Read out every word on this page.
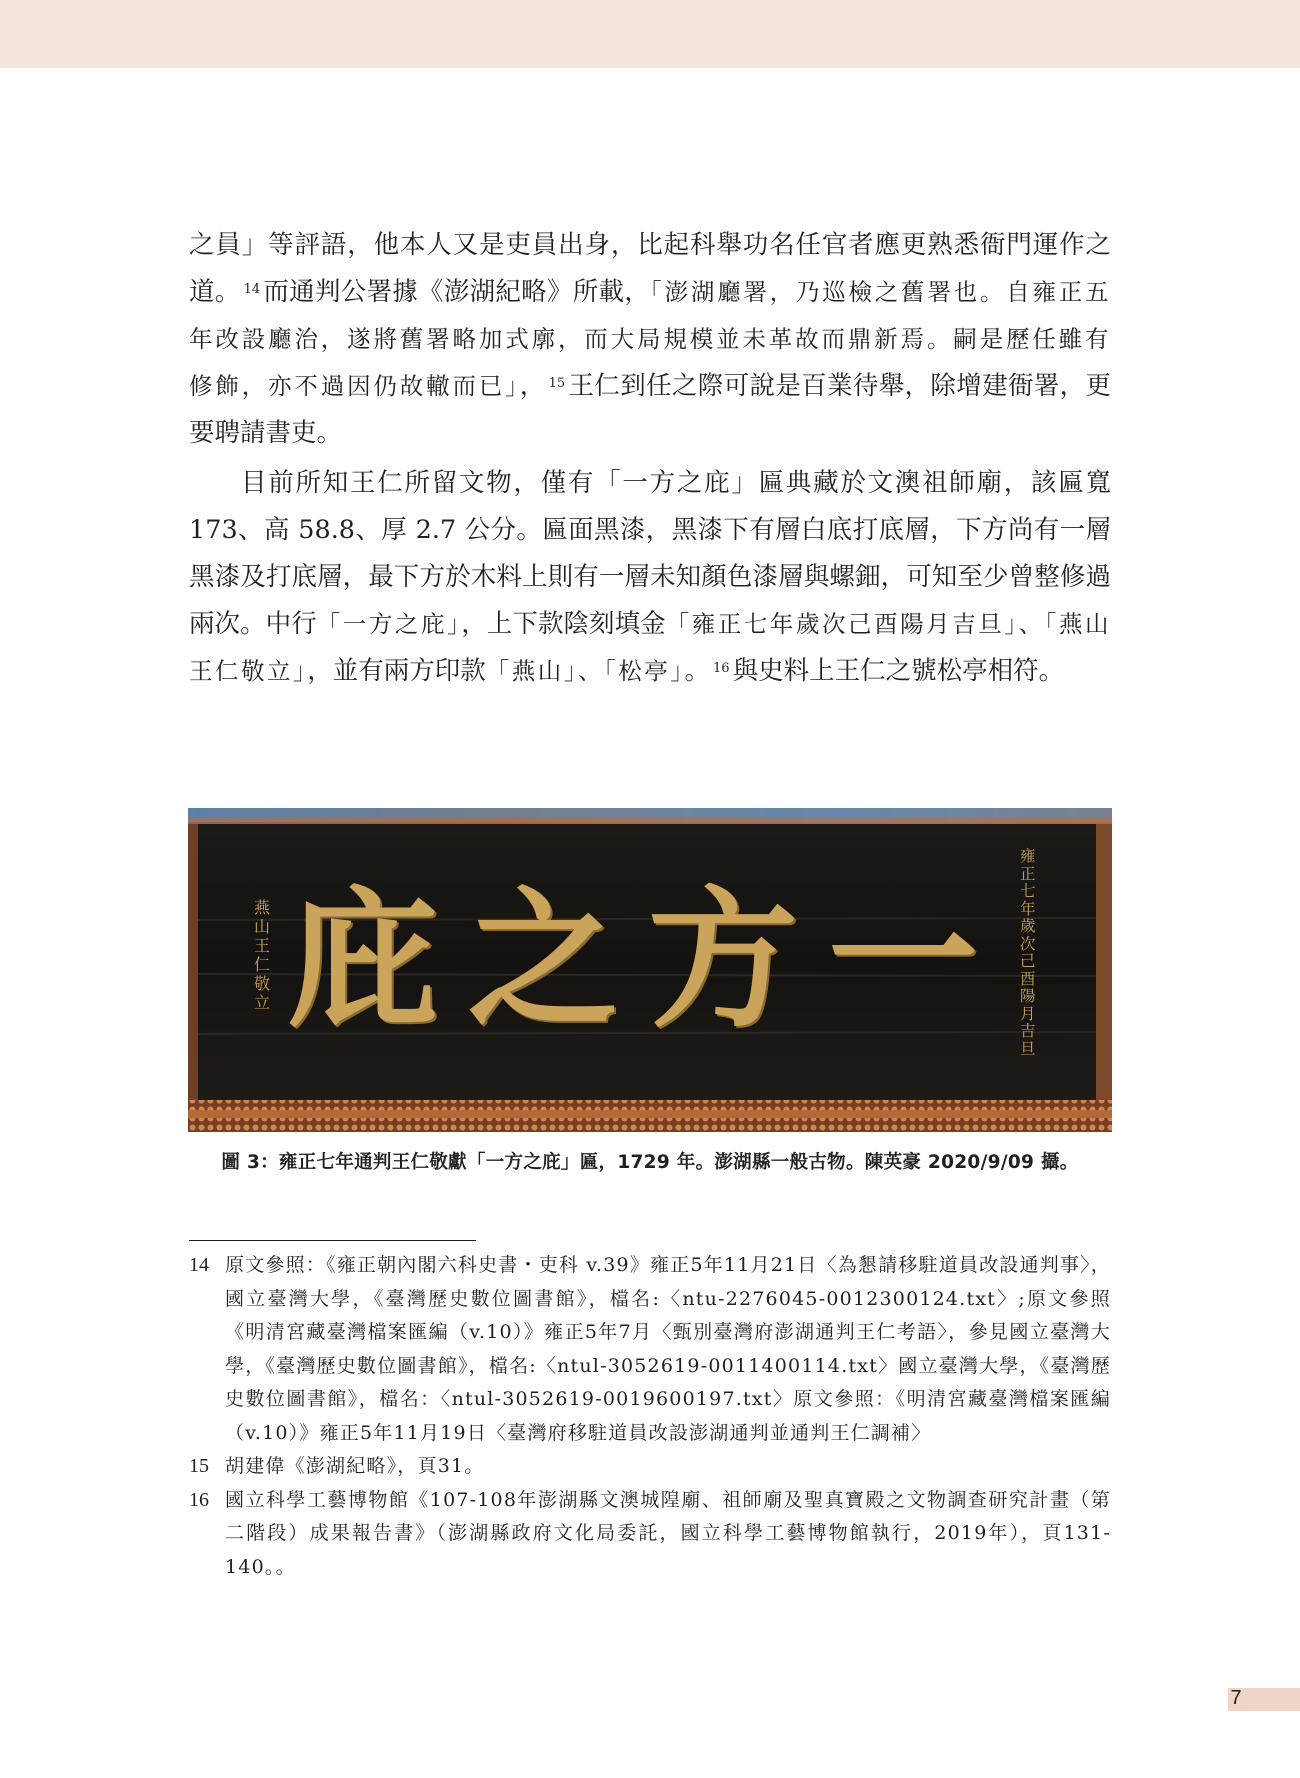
之員」等評語，他本人又是吏員出身，比起科舉功名任官者應更熟悉衙門運作之道。 $^{14}$ 而通判公署據《澎湖紀略》所載，「澎湖廳署，乃巡檢之舊署也。自雍正五年改設廳治，遂將舊署略加式廓，而大局規模並未革故而鼎新焉。嗣是歷任雖有修飾，亦不過因仍故轍而已」， $^{15}$ 王仁到任之際可說是百業待舉，除增建衙署，更要聘請書吏。

目前所知王仁所留文物，僅有「一方之庇」匾典藏於文澳祖師廟，該匾寬 173、高 58.8、厚 2.7 公分。匾面黑漆，黑漆下有層白底打底層，下方尚有一層黑漆及打底層，最下方於木料上則有一層未知顏色漆層與螺鈿，可知至少曾整修過兩次。中行「一方之庇」，上下款陰刻填金「雍正七年歲次己酉陽月吉旦」、「燕山王仁敬立」，並有兩方印款「燕山」、「松亭」。 $^{16}$ 與史料上王仁之號松亭相符。

一
方
之
庇
雍正七年歲次己酉陽月吉旦
燕山王仁敬立
圖 3：雍正七年通判王仁敬獻「一方之庇」匾，1729 年。澎湖縣一般古物。陳英豪 2020/9/09 攝。
14 原文參照：《雍正朝內閣六科史書・吏科 v.39》雍正5年11月21日〈為懇請移駐道員改設通判事〉，國立臺灣大學，《臺灣歷史數位圖書館》，檔名:〈ntu-2276045-0012300124.txt〉;原文參照《明清宮藏臺灣檔案匯編（v.10）》雍正5年7月〈甄別臺灣府澎湖通判王仁考語〉，參見國立臺灣大學，《臺灣歷史數位圖書館》，檔名:〈ntul-3052619-0011400114.txt〉國立臺灣大學，《臺灣歷史數位圖書館》，檔名：〈ntul-3052619-0019600197.txt〉原文參照：《明清宮藏臺灣檔案匯編（v.10）》雍正5年11月19日〈臺灣府移駐道員改設澎湖通判並通判王仁調補〉
15 胡建偉《澎湖紀略》，頁31。
16 國立科學工藝博物館《107-108年澎湖縣文澳城隍廟、祖師廟及聖真寶殿之文物調查研究計畫（第二階段）成果報告書》（澎湖縣政府文化局委託，國立科學工藝博物館執行，2019年），頁131-140。。
7
